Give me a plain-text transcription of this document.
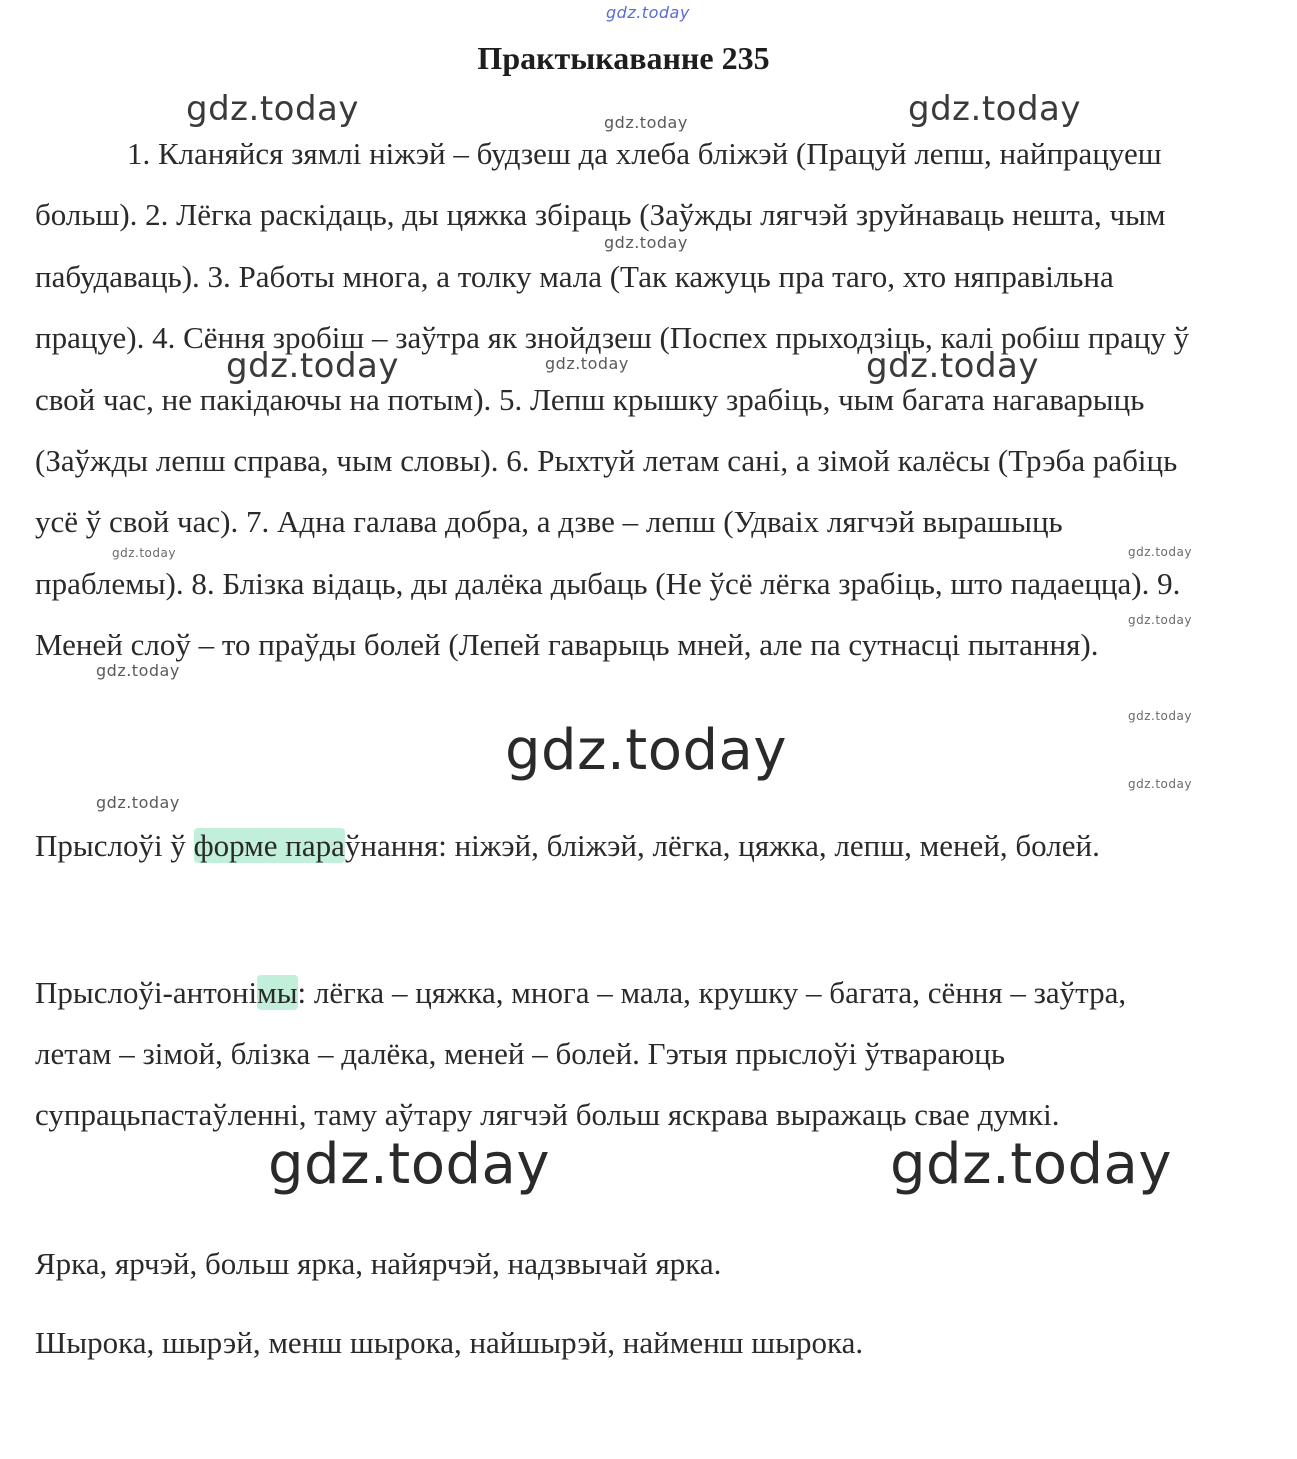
gdz.today
Практыкаванне 235
1. Кланяйся зямлі ніжэй – будзеш да хлеба бліжэй (Працуй лепш, найпрацуеш больш). 2. Лёгка раскідаць, ды цяжка збіраць (Заўжды лягчэй зруйнаваць нешта, чым пабудаваць). 3. Работы многа, а толку мала (Так кажуць пра таго, хто няправільна працуе). 4. Сёння зробіш – заўтра як знойдзеш (Поспех прыходзіць, калі робіш працу ў свой час, не пакідаючы на потым). 5. Лепш крышку зрабіць, чым багата нагаварыць (Заўжды лепш справа, чым словы). 6. Рыхтуй летам сані, а зімой калёсы (Трэба рабіць усё ў свой час). 7. Адна галава добра, а дзве – лепш (Удваіх лягчэй вырашыць праблемы). 8. Блізка відаць, ды далёка дыбаць (Не ўсё лёгка зрабіць, што падаецца). 9. Меней слоў – то праўды болей (Лепей гаварыць мней, але па сутнасці пытання).
Прыслоўі ў форме параўнання: ніжэй, бліжэй, лёгка, цяжка, лепш, меней, болей.
Прыслоўі-антонімы: лёгка – цяжка, многа – мала, крушку – багата, сёння – заўтра, летам – зімой, блізка – далёка, меней – болей. Гэтыя прыслоўі ўтвараюць супрацьпастаўленні, таму аўтару лягчэй больш яскрава выражаць свае думкі.
Ярка, ярчэй, больш ярка, найярчэй, надзвычай ярка.
Шырока, шырэй, менш шырока, найшырэй, найменш шырока.
gdz.today	gdz.today
gdz.today
gdz.today
gdz.today	gdz.today	gdz.today
gdz.today	gdz.today
gdz.today
gdz.today
gdz.today
gdz.today
gdz.today
gdz.today
gdz.today	gdz.today
